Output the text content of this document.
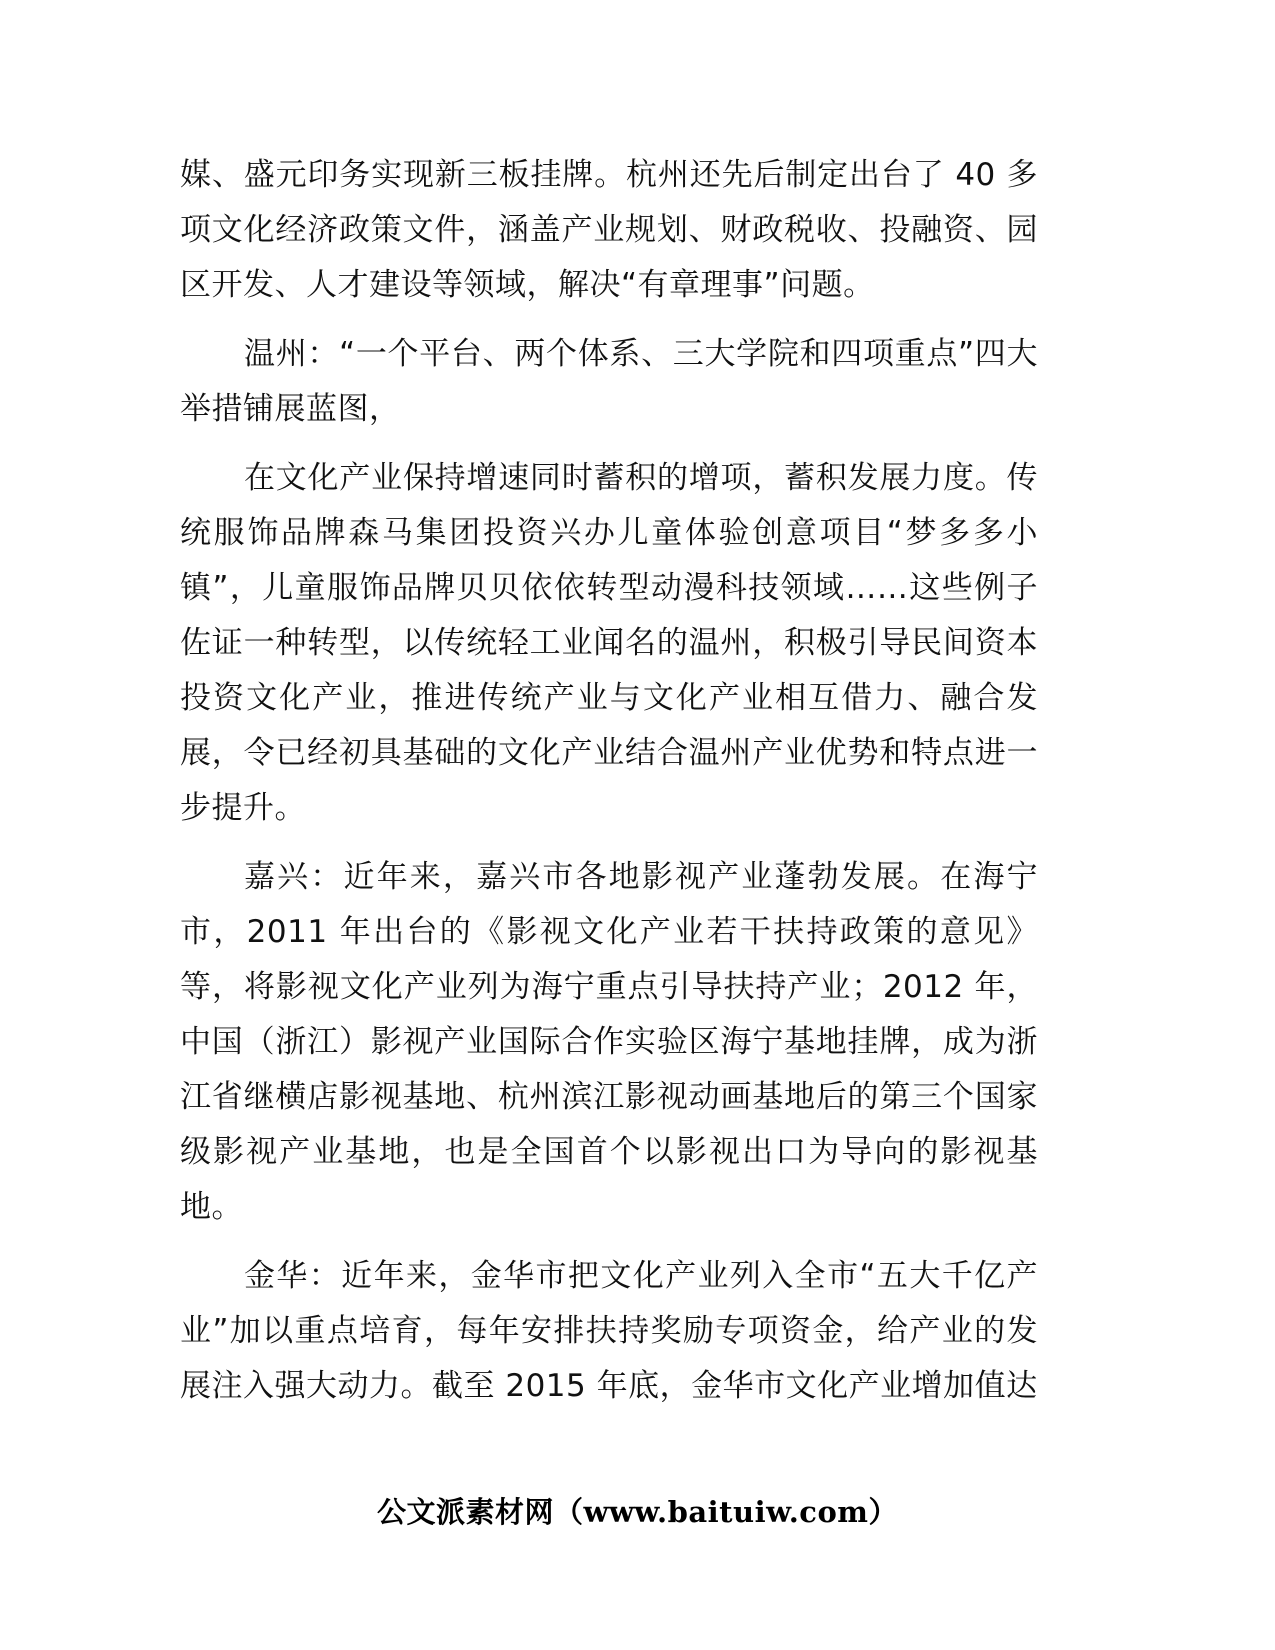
媒、盛元印务实现新三板挂牌。杭州还先后制定出台了 40 多项文化经济政策文件，涵盖产业规划、财政税收、投融资、园区开发、人才建设等领域，解决“有章理事”问题。

温州：“一个平台、两个体系、三大学院和四项重点”四大举措铺展蓝图，

在文化产业保持增速同时蓄积的增项，蓄积发展力度。传统服饰品牌森马集团投资兴办儿童体验创意项目“梦多多小镇”，儿童服饰品牌贝贝依依转型动漫科技领域……这些例子佐证一种转型，以传统轻工业闻名的温州，积极引导民间资本投资文化产业，推进传统产业与文化产业相互借力、融合发展，令已经初具基础的文化产业结合温州产业优势和特点进一步提升。

嘉兴：近年来，嘉兴市各地影视产业蓬勃发展。在海宁市，2011 年出台的《影视文化产业若干扶持政策的意见》等，将影视文化产业列为海宁重点引导扶持产业；2012 年，中国（浙江）影视产业国际合作实验区海宁基地挂牌，成为浙江省继横店影视基地、杭州滨江影视动画基地后的第三个国家级影视产业基地，也是全国首个以影视出口为导向的影视基地。

金华：近年来，金华市把文化产业列入全市“五大千亿产业”加以重点培育，每年安排扶持奖励专项资金，给产业的发展注入强大动力。截至 2015 年底，金华市文化产业增加值达

公文派素材网（www.baituiw.com）
